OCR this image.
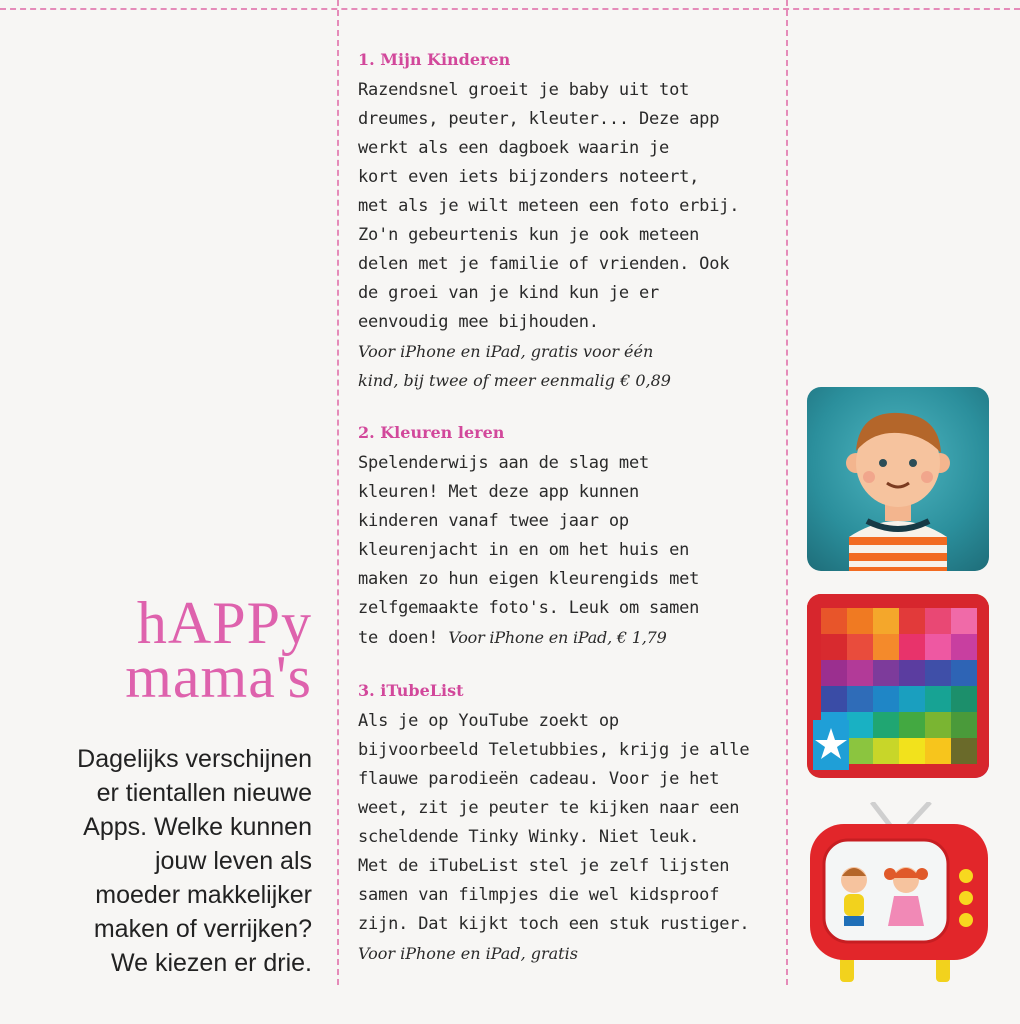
hAPPy
mama's
Dagelijks verschijnen
er tientallen nieuwe
Apps. Welke kunnen
jouw leven als
moeder makkelijker
maken of verrijken?
We kiezen er drie.
1. Mijn Kinderen
Razendsnel groeit je baby uit tot
dreumes, peuter, kleuter... Deze app
werkt als een dagboek waarin je
kort even iets bijzonders noteert,
met als je wilt meteen een foto erbij.
Zo'n gebeurtenis kun je ook meteen
delen met je familie of vrienden. Ook
de groei van je kind kun je er
eenvoudig mee bijhouden.
Voor iPhone en iPad, gratis voor één
kind, bij twee of meer eenmalig € 0,89
2. Kleuren leren
Spelenderwijs aan de slag met
kleuren! Met deze app kunnen
kinderen vanaf twee jaar op
kleurenjacht in en om het huis en
maken zo hun eigen kleurengids met
zelfgemaakte foto's. Leuk om samen
te doen! Voor iPhone en iPad, € 1,79
3. iTubeList
Als je op YouTube zoekt op
bijvoorbeeld Teletubbies, krijg je alle
flauwe parodieën cadeau. Voor je het
weet, zit je peuter te kijken naar een
scheldende Tinky Winky. Niet leuk.
Met de iTubeList stel je zelf lijsten
samen van filmpjes die wel kidsproof
zijn. Dat kijkt toch een stuk rustiger.
Voor iPhone en iPad, gratis
